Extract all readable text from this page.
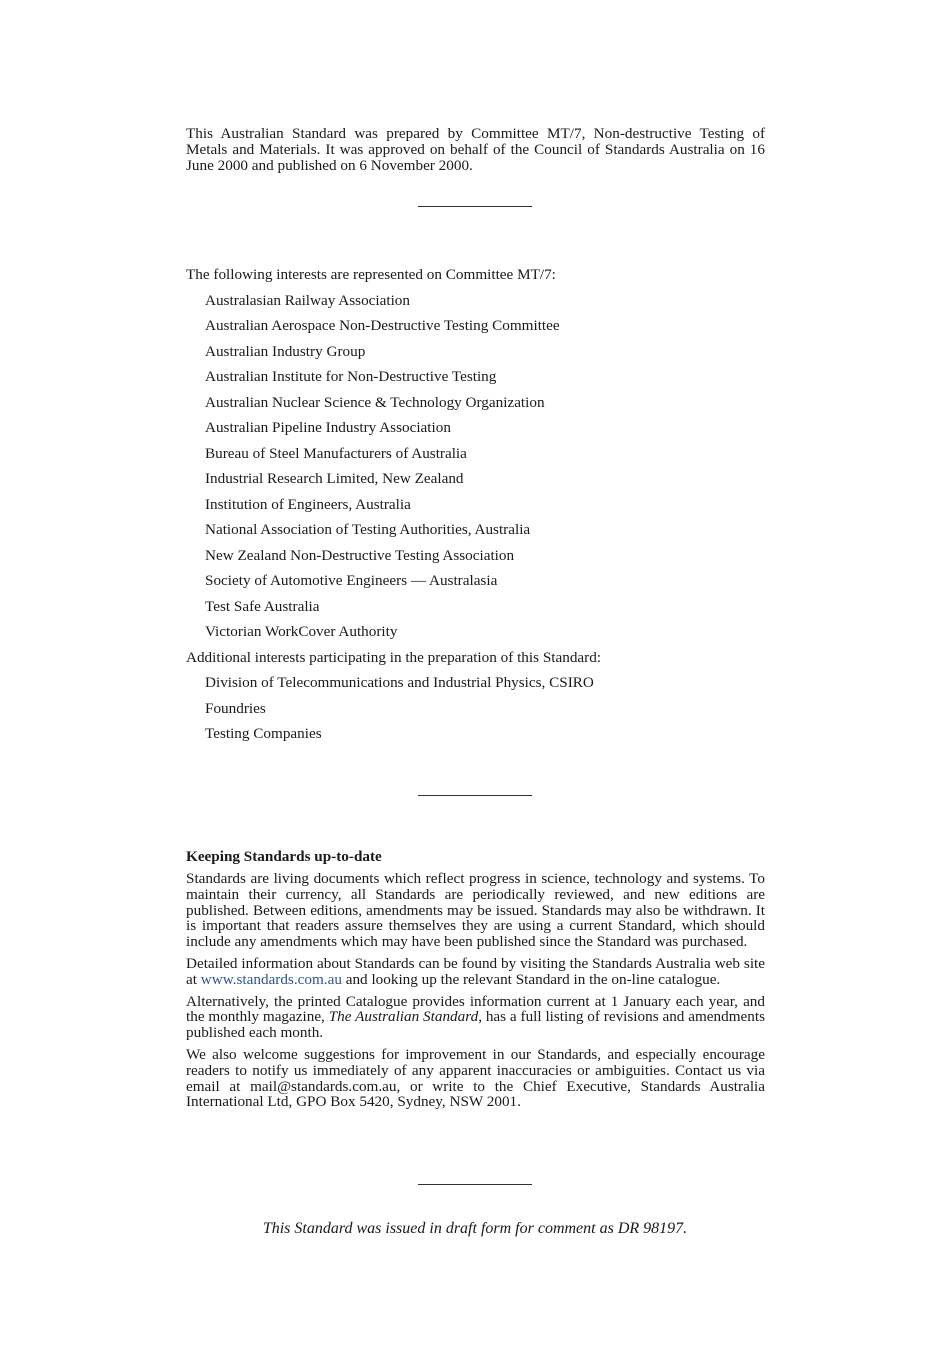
This Australian Standard was prepared by Committee MT/7, Non-destructive Testing of Metals and Materials. It was approved on behalf of the Council of Standards Australia on 16 June 2000 and published on 6 November 2000.

The following interests are represented on Committee MT/7:

Australasian Railway Association
Australian Aerospace Non-Destructive Testing Committee
Australian Industry Group
Australian Institute for Non-Destructive Testing
Australian Nuclear Science & Technology Organization
Australian Pipeline Industry Association
Bureau of Steel Manufacturers of Australia
Industrial Research Limited, New Zealand
Institution of Engineers, Australia
National Association of Testing Authorities, Australia
New Zealand Non-Destructive Testing Association
Society of Automotive Engineers — Australasia
Test Safe Australia
Victorian WorkCover Authority

Additional interests participating in the preparation of this Standard:

Division of Telecommunications and Industrial Physics, CSIRO
Foundries
Testing Companies
Keeping Standards up-to-date

Standards are living documents which reflect progress in science, technology and systems. To maintain their currency, all Standards are periodically reviewed, and new editions are published. Between editions, amendments may be issued. Standards may also be withdrawn. It is important that readers assure themselves they are using a current Standard, which should include any amendments which may have been published since the Standard was purchased.

Detailed information about Standards can be found by visiting the Standards Australia web site at www.standards.com.au and looking up the relevant Standard in the on-line catalogue.

Alternatively, the printed Catalogue provides information current at 1 January each year, and the monthly magazine, The Australian Standard, has a full listing of revisions and amendments published each month.

We also welcome suggestions for improvement in our Standards, and especially encourage readers to notify us immediately of any apparent inaccuracies or ambiguities. Contact us via email at mail@standards.com.au, or write to the Chief Executive, Standards Australia International Ltd, GPO Box 5420, Sydney, NSW 2001.

This Standard was issued in draft form for comment as DR 98197.
